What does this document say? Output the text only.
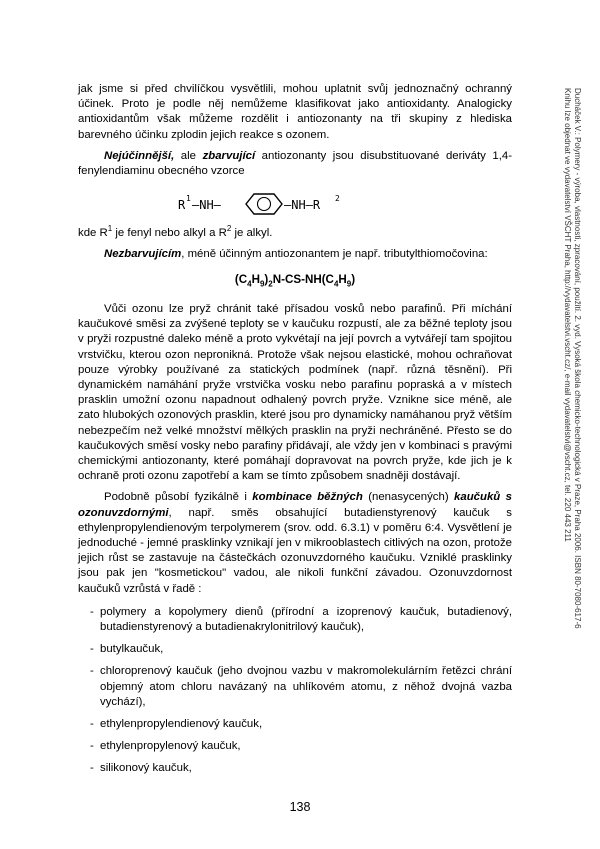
jak jsme si před chvilíčkou vysvětlili, mohou uplatnit svůj jednoznačný ochranný účinek. Proto je podle něj nemůžeme klasifikovat jako antioxidanty. Analogicky antioxidantům však můžeme rozdělit i antiozonanty na tři skupiny z hlediska barevného účinku zplodin jejich reakce s ozonem.

Nejúčinnější, ale zbarvující antiozonanty jsou disubstituované deriváty 1,4-fenylendiaminu obecného vzorce

R 1 –NH–	–NH–R 2

kde $R^1$ je fenyl nebo alkyl a $R^2$ je alkyl.

Nezbarvujícím, méně účinným antiozonantem je např. tributylthiomočovina:

$(C_4H_9)_2N-CS-NH(C_4H_9)$

Vůči ozonu lze pryž chránit také přísadou vosků nebo parafinů. Při míchání kaučukové směsi za zvýšené teploty se v kaučuku rozpustí, ale za běžné teploty jsou v pryži rozpustné daleko méně a proto vykvétají na její povrch a vytvářejí tam spojitou vrstvičku, kterou ozon nepronikná. Protože však nejsou elastické, mohou ochraňovat pouze výrobky používané za statických podmínek (např. různá těsnění). Při dynamickém namáhání pryže vrstvička vosku nebo parafinu popraská a v místech prasklin umožní ozonu napadnout odhalený povrch pryže. Vznikne sice méně, ale zato hlubokých ozonových prasklin, které jsou pro dynamicky namáhanou pryž větším nebezpečím než velké množství mělkých prasklin na pryži nechráněné. Přesto se do kaučukových směsí vosky nebo parafiny přidávají, ale vždy jen v kombinaci s pravými chemickými antiozonanty, které pomáhají dopravovat na povrch pryže, kde jich je k ochraně proti ozonu zapotřebí a kam se tímto způsobem snadněji dostávají.

Podobně působí fyzikálně i kombinace běžných (nenasycených) kaučuků s ozonuvzdornými, např. směs obsahující butadienstyrenový kaučuk s ethylenpropylendienovým terpolymerem (srov. odd. 6.3.1) v poměru 6:4. Vysvětlení je jednoduché - jemné prasklinky vznikají jen v mikrooblastech citlivých na ozon, protože jejich růst se zastavuje na částečkách ozonuvzdorného kaučuku. Vzniklé prasklinky jsou pak jen "kosmetickou" vadou, ale nikoli funkční závadou. Ozonuvzdornost kaučuků vzrůstá v řadě :

- polymery a kopolymery dienů (přírodní a izoprenový kaučuk, butadienový, butadienstyrenový a butadienakrylonitrilový kaučuk),
- butylkaučuk,
- chloroprenový kaučuk (jeho dvojnou vazbu v makromolekulárním řetězci chrání objemný atom chloru navázaný na uhlíkovém atomu, z něhož dvojná vazba vychází),
- ethylenpropylendienový kaučuk,
- ethylenpropylenový kaučuk,
- silikonový kaučuk,
138
Ducháček V.: Polymery - výroba, vlastnosti, zpracování, použití. 2. vyd. Vysoká škola chemicko-technologická v Praze, Praha 2006. ISBN 80-7080-617-6
Knihu lze objednat ve vydavatelství VŠCHT Praha, http://vydavatelstvi.vscht.cz/, e-mail vydavatelstvi@vscht.cz, tel. 220 443 211
